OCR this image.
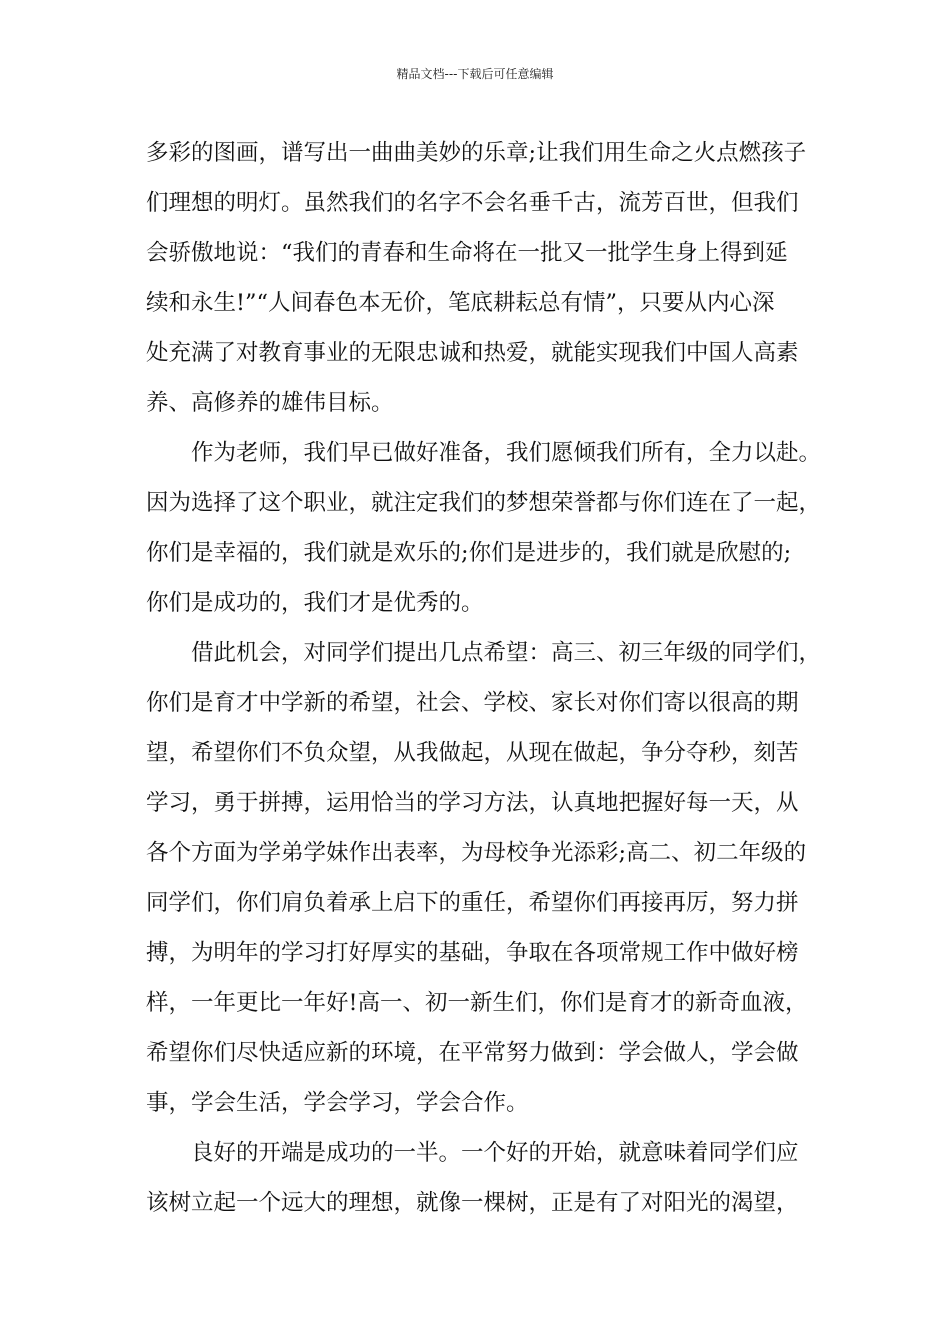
精品文档---下载后可任意编辑
多彩的图画，谱写出一曲曲美妙的乐章;让我们用生命之火点燃孩子
们理想的明灯。虽然我们的名字不会名垂千古，流芳百世，但我们
会骄傲地说：“我们的青春和生命将在一批又一批学生身上得到延
续和永生!”“人间春色本无价，笔底耕耘总有情”，只要从内心深
处充满了对教育事业的无限忠诚和热爱，就能实现我们中国人高素
养、高修养的雄伟目标。
作为老师，我们早已做好准备，我们愿倾我们所有，全力以赴。
因为选择了这个职业，就注定我们的梦想荣誉都与你们连在了一起，
你们是幸福的，我们就是欢乐的;你们是进步的，我们就是欣慰的;
你们是成功的，我们才是优秀的。
借此机会，对同学们提出几点希望：高三、初三年级的同学们，
你们是育才中学新的希望，社会、学校、家长对你们寄以很高的期
望，希望你们不负众望，从我做起，从现在做起，争分夺秒，刻苦
学习，勇于拼搏，运用恰当的学习方法，认真地把握好每一天，从
各个方面为学弟学妹作出表率，为母校争光添彩;高二、初二年级的
同学们，你们肩负着承上启下的重任，希望你们再接再厉，努力拼
搏，为明年的学习打好厚实的基础，争取在各项常规工作中做好榜
样，一年更比一年好!高一、初一新生们，你们是育才的新奇血液，
希望你们尽快适应新的环境，在平常努力做到：学会做人，学会做
事，学会生活，学会学习，学会合作。
良好的开端是成功的一半。一个好的开始，就意味着同学们应
该树立起一个远大的理想，就像一棵树，正是有了对阳光的渴望，
